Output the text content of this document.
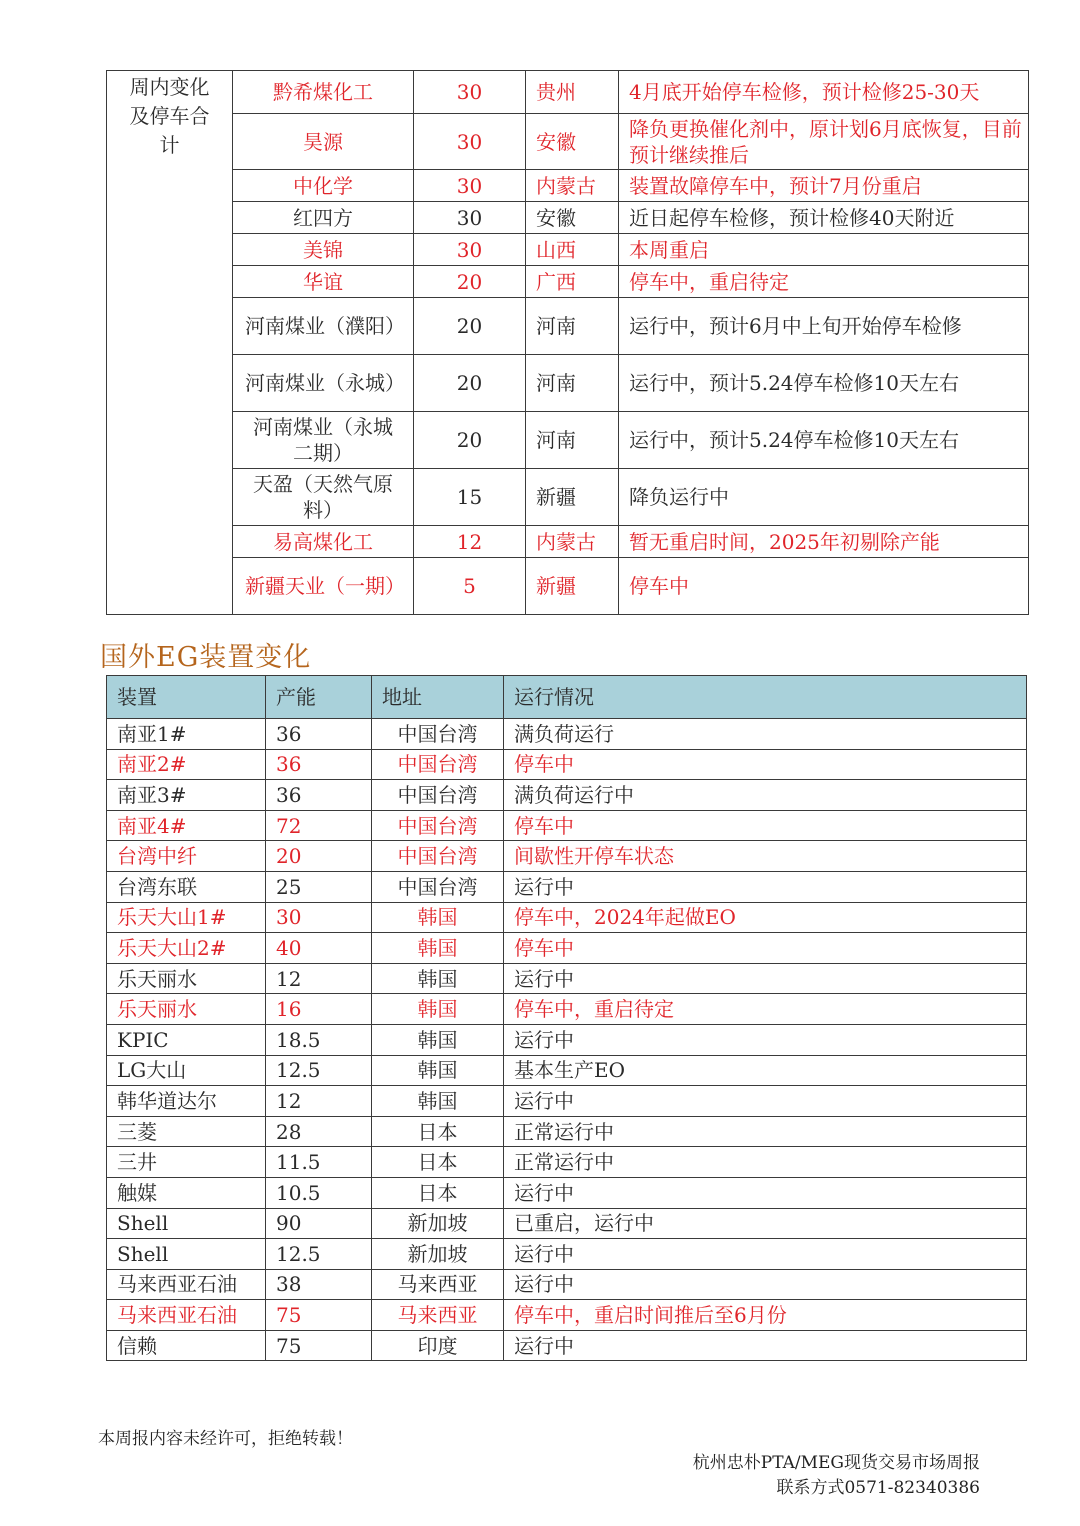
周内变化及停车合计	黔希煤化工	30	贵州	4月底开始停车检修，预计检修25-30天
	昊源	30	安徽	降负更换催化剂中，原计划6月底恢复，目前预计继续推后
	中化学	30	内蒙古	装置故障停车中，预计7月份重启
	红四方	30	安徽	近日起停车检修，预计检修40天附近
	美锦	30	山西	本周重启
	华谊	20	广西	停车中，重启待定
	河南煤业（濮阳）	20	河南	运行中，预计6月中上旬开始停车检修
	河南煤业（永城）	20	河南	运行中，预计5.24停车检修10天左右
	河南煤业（永城二期）	20	河南	运行中，预计5.24停车检修10天左右
	天盈（天然气原料）	15	新疆	降负运行中
	易高煤化工	12	内蒙古	暂无重启时间，2025年初剔除产能
	新疆天业（一期）	5	新疆	停车中
国外EG装置变化
装置	产能	地址	运行情况
南亚1#	36	中国台湾	满负荷运行
南亚2#	36	中国台湾	停车中
南亚3#	36	中国台湾	满负荷运行中
南亚4#	72	中国台湾	停车中
台湾中纤	20	中国台湾	间歇性开停车状态
台湾东联	25	中国台湾	运行中
乐天大山1#	30	韩国	停车中，2024年起做EO
乐天大山2#	40	韩国	停车中
乐天丽水	12	韩国	运行中
乐天丽水	16	韩国	停车中，重启待定
KPIC	18.5	韩国	运行中
LG大山	12.5	韩国	基本生产EO
韩华道达尔	12	韩国	运行中
三菱	28	日本	正常运行中
三井	11.5	日本	正常运行中
触媒	10.5	日本	运行中
Shell	90	新加坡	已重启，运行中
Shell	12.5	新加坡	运行中
马来西亚石油	38	马来西亚	运行中
马来西亚石油	75	马来西亚	停车中，重启时间推后至6月份
信赖	75	印度	运行中
本周报内容未经许可，拒绝转载！
杭州忠朴PTA/MEG现货交易市场周报
联系方式0571-82340386
